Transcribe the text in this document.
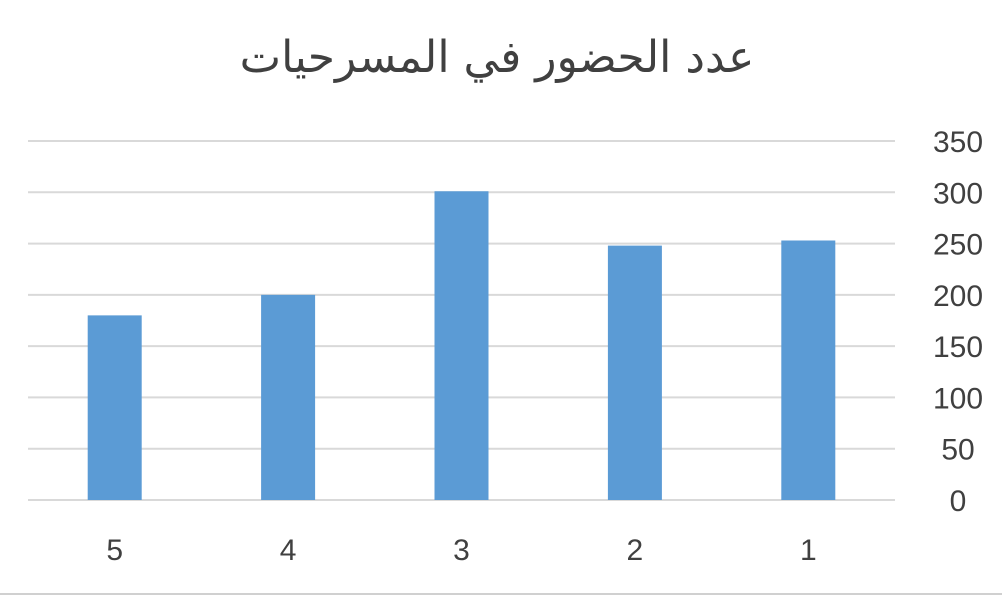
عدد الحضور في المسرحيات
0
50
100
150
200
250
300
350
1
2
3
4
5
